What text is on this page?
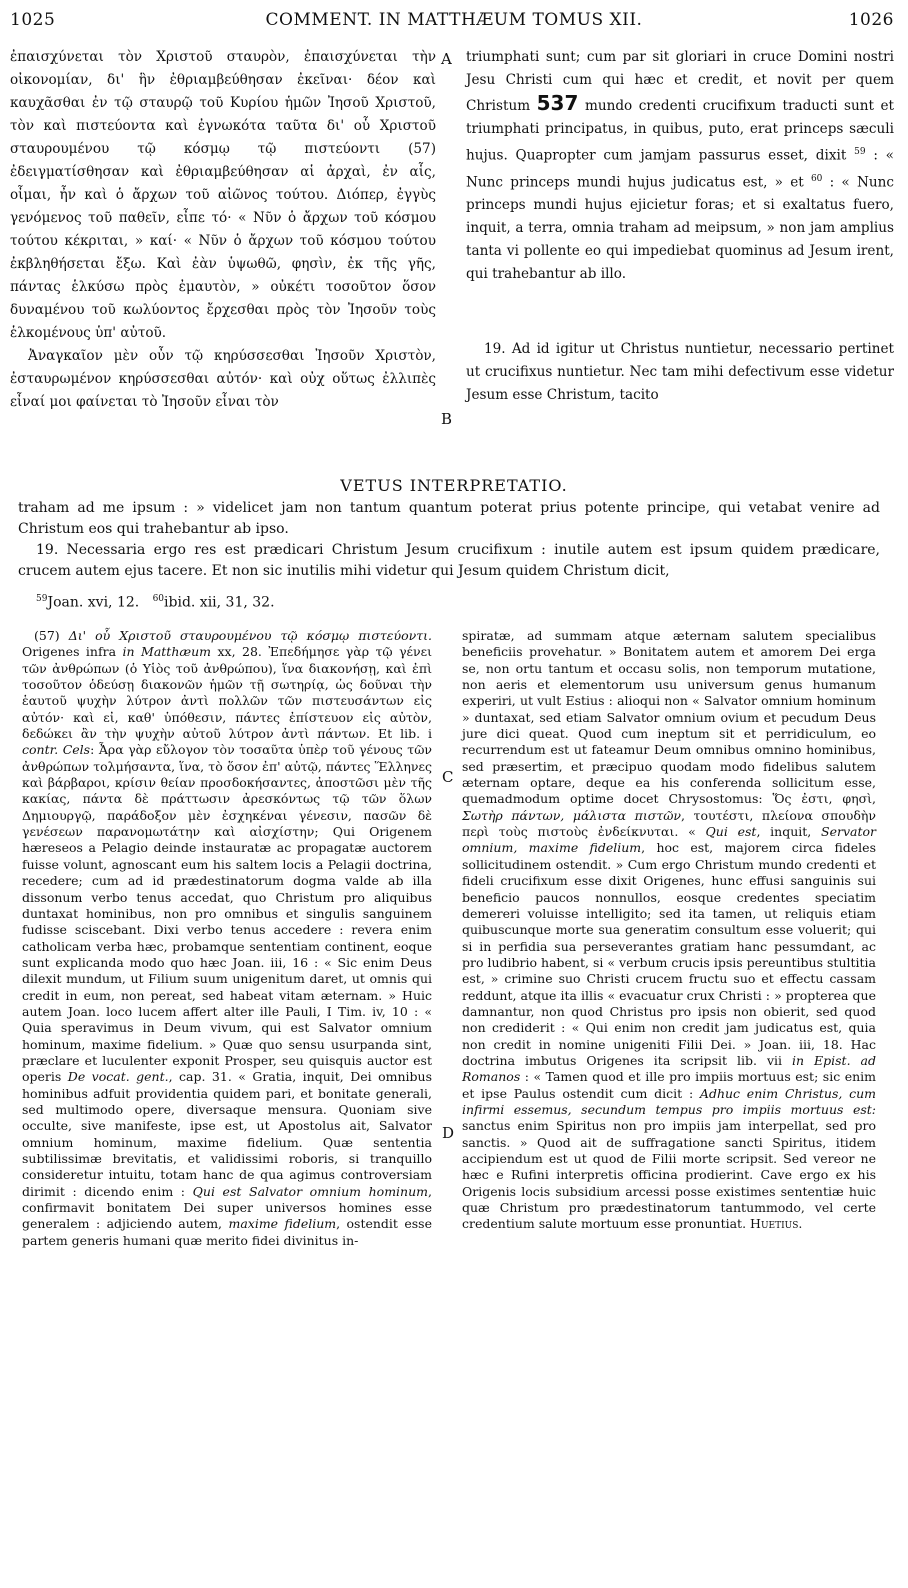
1025	COMMENT. IN MATTHÆUM TOMUS XII.	1026

ἐπαισχύνεται τὸν Χριστοῦ σταυρὸν, ἐπαισχύνεται τὴν οἰκονομίαν, δι' ἣν ἐθριαμβεύθησαν ἐκεῖναι· δέον καὶ καυχᾶσθαι ἐν τῷ σταυρῷ τοῦ Κυρίου ἡμῶν Ἰησοῦ Χριστοῦ, τὸν καὶ πιστεύοντα καὶ ἐγνωκότα ταῦτα δι' οὗ Χριστοῦ σταυρουμένου τῷ κόσμῳ τῷ πιστεύοντι (57) ἐδειγματίσθησαν καὶ ἐθριαμβεύθησαν αἱ ἀρχαὶ, ἐν αἷς, οἶμαι, ἦν καὶ ὁ ἄρχων τοῦ αἰῶνος τούτου. Διόπερ, ἐγγὺς γενόμενος τοῦ παθεῖν, εἶπε τό· « Νῦν ὁ ἄρχων τοῦ κόσμου τούτου κέκριται, » καί· « Νῦν ὁ ἄρχων τοῦ κόσμου τούτου ἐκβληθήσεται ἔξω. Καὶ ἐὰν ὑψωθῶ, φησὶν, ἐκ τῆς γῆς, πάντας ἑλκύσω πρὸς ἐμαυτὸν, » οὐκέτι τοσοῦτον ὅσον δυναμένου τοῦ κωλύοντος ἔρχεσθαι πρὸς τὸν Ἰησοῦν τοὺς ἑλκομένους ὑπ' αὐτοῦ.

Ἀναγκαῖον μὲν οὖν τῷ κηρύσσεσθαι Ἰησοῦν Χριστὸν, ἐσταυρωμένον κηρύσσεσθαι αὐτόν· καὶ οὐχ οὕτως ἐλλιπὲς εἶναί μοι φαίνεται τὸ Ἰησοῦν εἶναι τὸν

A
B

triumphati sunt; cum par sit gloriari in cruce Domini nostri Jesu Christi cum qui hæc et credit, et novit per quem Christum 537 mundo credenti crucifixum traducti sunt et triumphati principatus, in quibus, puto, erat princeps sæculi hujus. Quapropter cum jamjam passurus esset, dixit $^{59}$ : « Nunc princeps mundi hujus judicatus est, » et $^{60}$ : « Nunc princeps mundi hujus ejicietur foras; et si exaltatus fuero, inquit, a terra, omnia traham ad meipsum, » non jam amplius tanta vi pollente eo qui impediebat quominus ad Jesum irent, qui trahebantur ab illo.

19. Ad id igitur ut Christus nuntietur, necessario pertinet ut crucifixus nuntietur. Nec tam mihi defectivum esse videtur Jesum esse Christum, tacito

VETUS INTERPRETATIO.

traham ad me ipsum : » videlicet jam non tantum quantum poterat prius potente principe, qui vetabat venire ad Christum eos qui trahebantur ab ipso.

19. Necessaria ergo res est prædicari Christum Jesum crucifixum : inutile autem est ipsum quidem prædicare, crucem autem ejus tacere. Et non sic inutilis mihi videtur qui Jesum quidem Christum dicit,

$^{59}$Joan. xvi, 12. $^{60}$ibid. xii, 31, 32.
C
D

(57) Δι' οὗ Χριστοῦ σταυρουμένου τῷ κόσμῳ πιστεύοντι. Origenes infra in Matthæum xx, 28. Ἐπεδήμησε γὰρ τῷ γένει τῶν ἀνθρώπων (ὁ Υἱὸς τοῦ ἀνθρώπου), ἵνα διακονήσῃ, καὶ ἐπὶ τοσοῦτον ὁδεύσῃ διακονῶν ἡμῶν τῇ σωτηρίᾳ, ὡς δοῦναι τὴν ἑαυτοῦ ψυχὴν λύτρον ἀντὶ πολλῶν τῶν πιστευσάντων εἰς αὐτόν· καὶ εἰ, καθ' ὑπόθεσιν, πάντες ἐπίστευον εἰς αὐτὸν, δεδώκει ἂν τὴν ψυχὴν αὐτοῦ λύτρον ἀντὶ πάντων. Et lib. i contr. Cels: Ἆρα γὰρ εὔλογον τὸν τοσαῦτα ὑπὲρ τοῦ γένους τῶν ἀνθρώπων τολμήσαντα, ἵνα, τὸ ὅσον ἐπ' αὐτῷ, πάντες Ἕλληνες καὶ βάρβαροι, κρίσιν θείαν προσδοκήσαντες, ἀποστῶσι μὲν τῆς κακίας, πάντα δὲ πράττωσιν ἀρεσκόντως τῷ τῶν ὅλων Δημιουργῷ, παράδοξον μὲν ἐσχηκέναι γένεσιν, πασῶν δὲ γενέσεων παρανομωτάτην καὶ αἰσχίστην; Qui Origenem hæreseos a Pelagio deinde instauratæ ac propagatæ auctorem fuisse volunt, agnoscant eum his saltem locis a Pelagii doctrina, recedere; cum ad id prædestinatorum dogma valde ab illa dissonum verbo tenus accedat, quo Christum pro aliquibus duntaxat hominibus, non pro omnibus et singulis sanguinem fudisse sciscebant. Dixi verbo tenus accedere : revera enim catholicam verba hæc, probamque sententiam continent, eoque sunt explicanda modo quo hæc Joan. iii, 16 : « Sic enim Deus dilexit mundum, ut Filium suum unigenitum daret, ut omnis qui credit in eum, non pereat, sed habeat vitam æternam. » Huic autem Joan. loco lucem affert alter ille Pauli, I Tim. iv, 10 : « Quia speravimus in Deum vivum, qui est Salvator omnium hominum, maxime fidelium. » Quæ quo sensu usurpanda sint, præclare et luculenter exponit Prosper, seu quisquis auctor est operis De vocat. gent., cap. 31. « Gratia, inquit, Dei omnibus hominibus adfuit providentia quidem pari, et bonitate generali, sed multimodo opere, diversaque mensura. Quoniam sive occulte, sive manifeste, ipse est, ut Apostolus ait, Salvator omnium hominum, maxime fidelium. Quæ sententia subtilissimæ brevitatis, et validissimi roboris, si tranquillo consideretur intuitu, totam hanc de qua agimus controversiam dirimit : dicendo enim : Qui est Salvator omnium hominum, confirmavit bonitatem Dei super universos homines esse generalem : adjiciendo autem, maxime fidelium, ostendit esse partem generis humani quæ merito fidei divinitus in-

spiratæ, ad summam atque æternam salutem specialibus beneficiis provehatur. » Bonitatem autem et amorem Dei erga se, non ortu tantum et occasu solis, non temporum mutatione, non aeris et elementorum usu universum genus humanum experiri, ut vult Estius : alioqui non « Salvator omnium hominum » duntaxat, sed etiam Salvator omnium ovium et pecudum Deus jure dici queat. Quod cum ineptum sit et perridiculum, eo recurrendum est ut fateamur Deum omnibus omnino hominibus, sed præsertim, et præcipuo quodam modo fidelibus salutem æternam optare, deque ea his conferenda sollicitum esse, quemadmodum optime docet Chrysostomus: Ὅς ἐστι, φησὶ, Σωτὴρ πάντων, μάλιστα πιστῶν, τουτέστι, πλείονα σπουδὴν περὶ τοὺς πιστοὺς ἐνδείκνυται. « Qui est, inquit, Servator omnium, maxime fidelium, hoc est, majorem circa fideles sollicitudinem ostendit. » Cum ergo Christum mundo credenti et fideli crucifixum esse dixit Origenes, hunc effusi sanguinis sui beneficio paucos nonnullos, eosque credentes speciatim demereri voluisse intelligito; sed ita tamen, ut reliquis etiam quibuscunque morte sua generatim consultum esse voluerit; qui si in perfidia sua perseverantes gratiam hanc pessumdant, ac pro ludibrio habent, si « verbum crucis ipsis pereuntibus stultitia est, » crimine suo Christi crucem fructu suo et effectu cassam reddunt, atque ita illis « evacuatur crux Christi : » propterea que damnantur, non quod Christus pro ipsis non obierit, sed quod non crediderit : « Qui enim non credit jam judicatus est, quia non credit in nomine unigeniti Filii Dei. » Joan. iii, 18. Hac doctrina imbutus Origenes ita scripsit lib. vii in Epist. ad Romanos : « Tamen quod et ille pro impiis mortuus est; sic enim et ipse Paulus ostendit cum dicit : Adhuc enim Christus, cum infirmi essemus, secundum tempus pro impiis mortuus est: sanctus enim Spiritus non pro impiis jam interpellat, sed pro sanctis. » Quod ait de suffragatione sancti Spiritus, itidem accipiendum est ut quod de Filii morte scripsit. Sed vereor ne hæc e Rufini interpretis officina prodierint. Cave ergo ex his Origenis locis subsidium arcessi posse existimes sententiæ huic quæ Christum pro prædestinatorum tantummodo, vel certe credentium salute mortuum esse pronuntiat. Huetius.
